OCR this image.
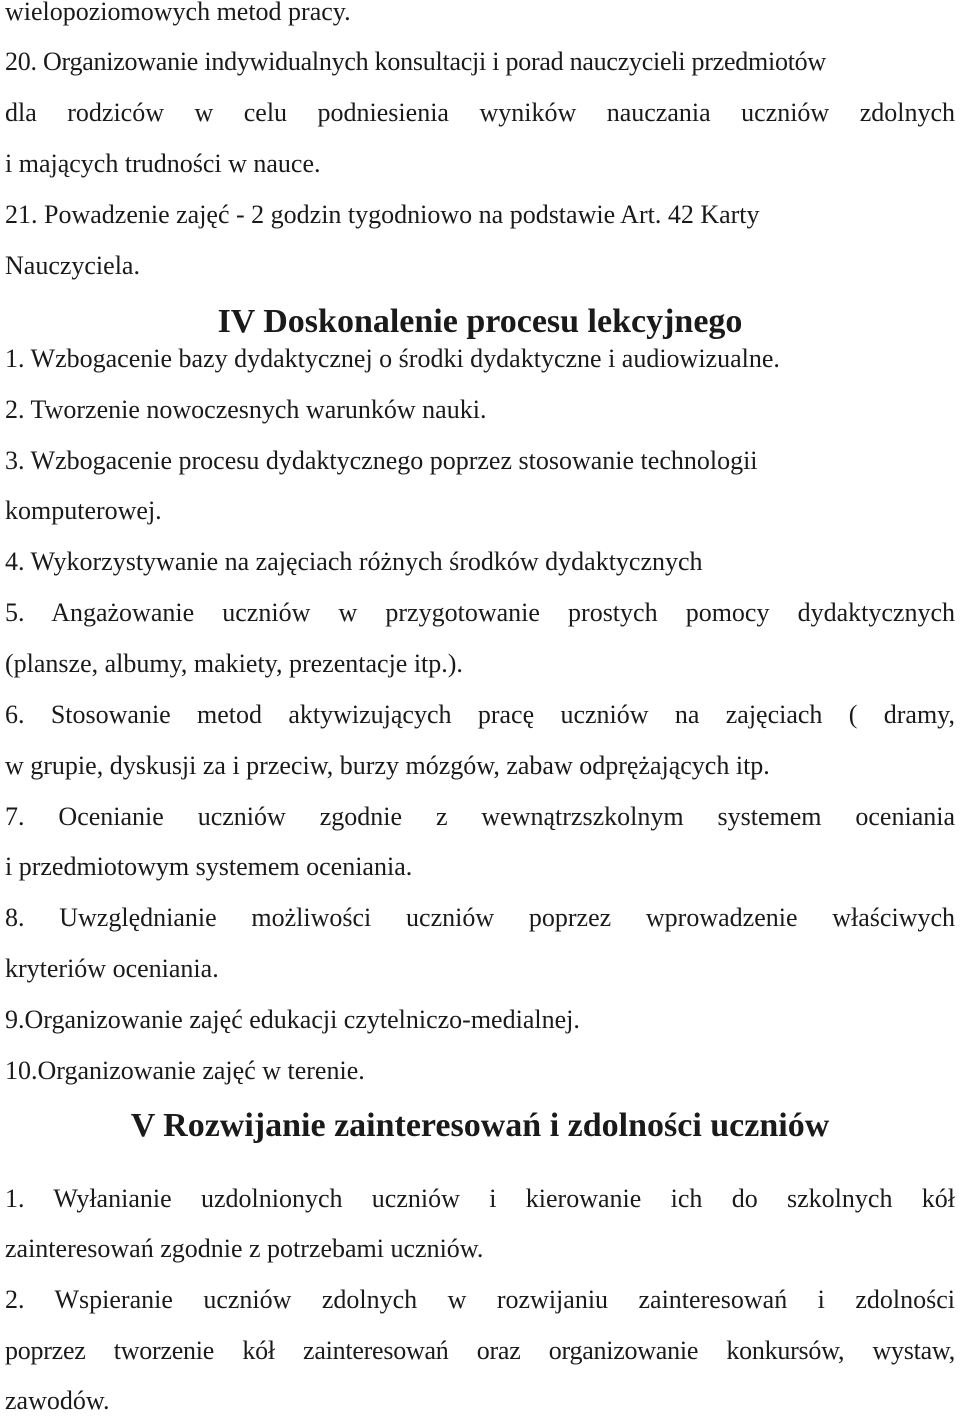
wielopoziomowych metod pracy.
20. Organizowanie indywidualnych konsultacji i porad nauczycieli przedmiotów
dla rodziców w celu podniesienia wyników nauczania uczniów zdolnych
i mających trudności w nauce.
21. Powadzenie zajęć - 2 godzin tygodniowo na podstawie Art. 42 Karty
Nauczyciela.
IV Doskonalenie procesu lekcyjnego
1. Wzbogacenie bazy dydaktycznej o środki dydaktyczne i audiowizualne.
2. Tworzenie nowoczesnych warunków nauki.
3. Wzbogacenie procesu dydaktycznego poprzez stosowanie technologii
komputerowej.
4. Wykorzystywanie na zajęciach różnych środków dydaktycznych
5. Angażowanie uczniów w przygotowanie prostych pomocy dydaktycznych
(plansze, albumy, makiety, prezentacje itp.).
6. Stosowanie metod aktywizujących pracę uczniów na zajęciach ( dramy,
w grupie, dyskusji za i przeciw, burzy mózgów, zabaw odprężających itp.
7. Ocenianie uczniów zgodnie z wewnątrzszkolnym systemem oceniania
i przedmiotowym systemem oceniania.
8. Uwzględnianie możliwości uczniów poprzez wprowadzenie właściwych
kryteriów oceniania.
9.Organizowanie zajęć edukacji czytelniczo-medialnej.
10.Organizowanie zajęć w terenie.
V Rozwijanie zainteresowań i zdolności uczniów
1. Wyłanianie uzdolnionych uczniów i kierowanie ich do szkolnych kół
zainteresowań zgodnie z potrzebami uczniów.
2. Wspieranie uczniów zdolnych w rozwijaniu zainteresowań i zdolności
poprzez tworzenie kół zainteresowań oraz organizowanie konkursów, wystaw,
zawodów.
